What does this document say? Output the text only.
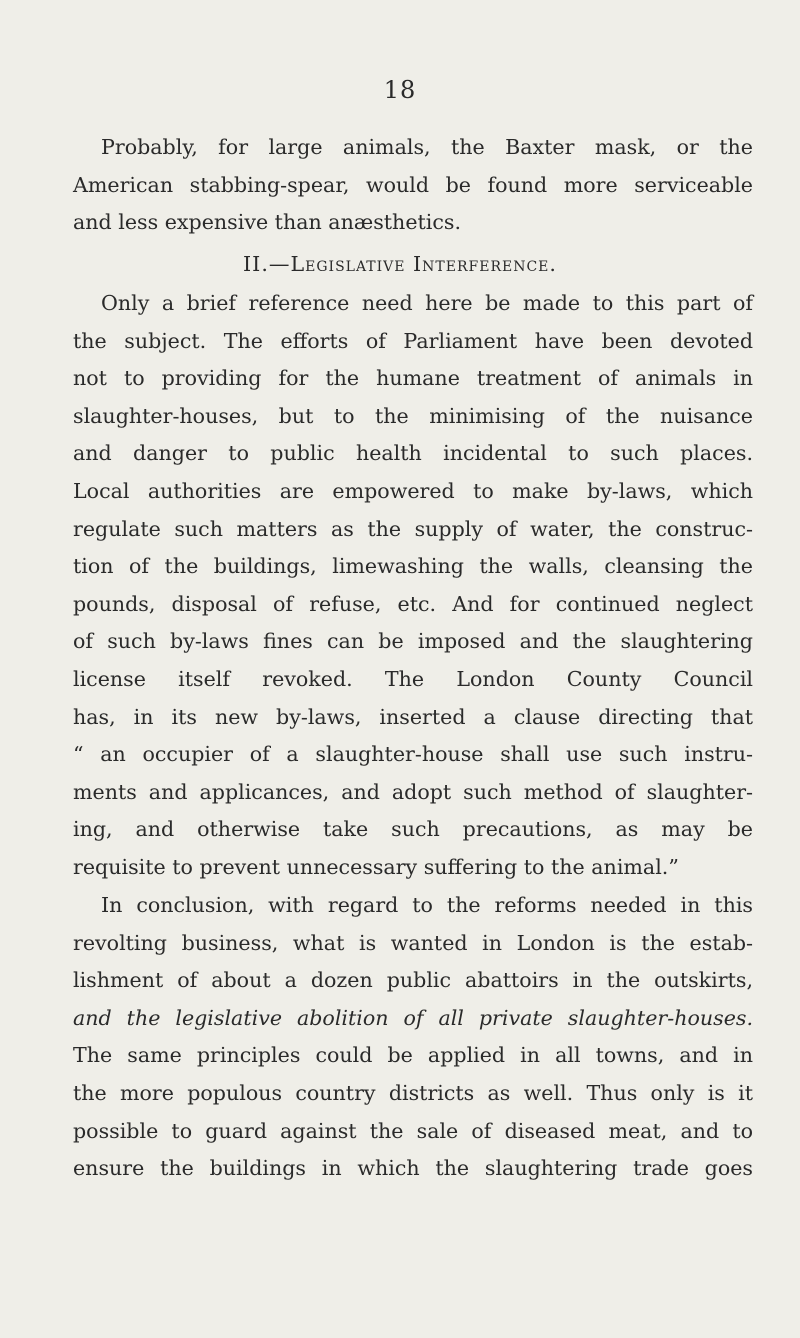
18
Probably, for large animals, the Baxter mask, or the
American stabbing-spear, would be found more serviceable
and less expensive than anæsthetics.
II.—Legislative Interference.
Only a brief reference need here be made to this part of
the subject. The efforts of Parliament have been devoted
not to providing for the humane treatment of animals in
slaughter-houses, but to the minimising of the nuisance
and danger to public health incidental to such places.
Local authorities are empowered to make by-laws, which
regulate such matters as the supply of water, the construc-
tion of the buildings, limewashing the walls, cleansing the
pounds, disposal of refuse, etc. And for continued neglect
of such by-laws fines can be imposed and the slaughtering
license itself revoked. The London County Council
has, in its new by-laws, inserted a clause directing that
“ an occupier of a slaughter-house shall use such instru-
ments and applicances, and adopt such method of slaughter-
ing, and otherwise take such precautions, as may be
requisite to prevent unnecessary suffering to the animal.”
In conclusion, with regard to the reforms needed in this
revolting business, what is wanted in London is the estab-
lishment of about a dozen public abattoirs in the outskirts,
and the legislative abolition of all private slaughter-houses.
The same principles could be applied in all towns, and in
the more populous country districts as well. Thus only is it
possible to guard against the sale of diseased meat, and to
ensure the buildings in which the slaughtering trade goes
